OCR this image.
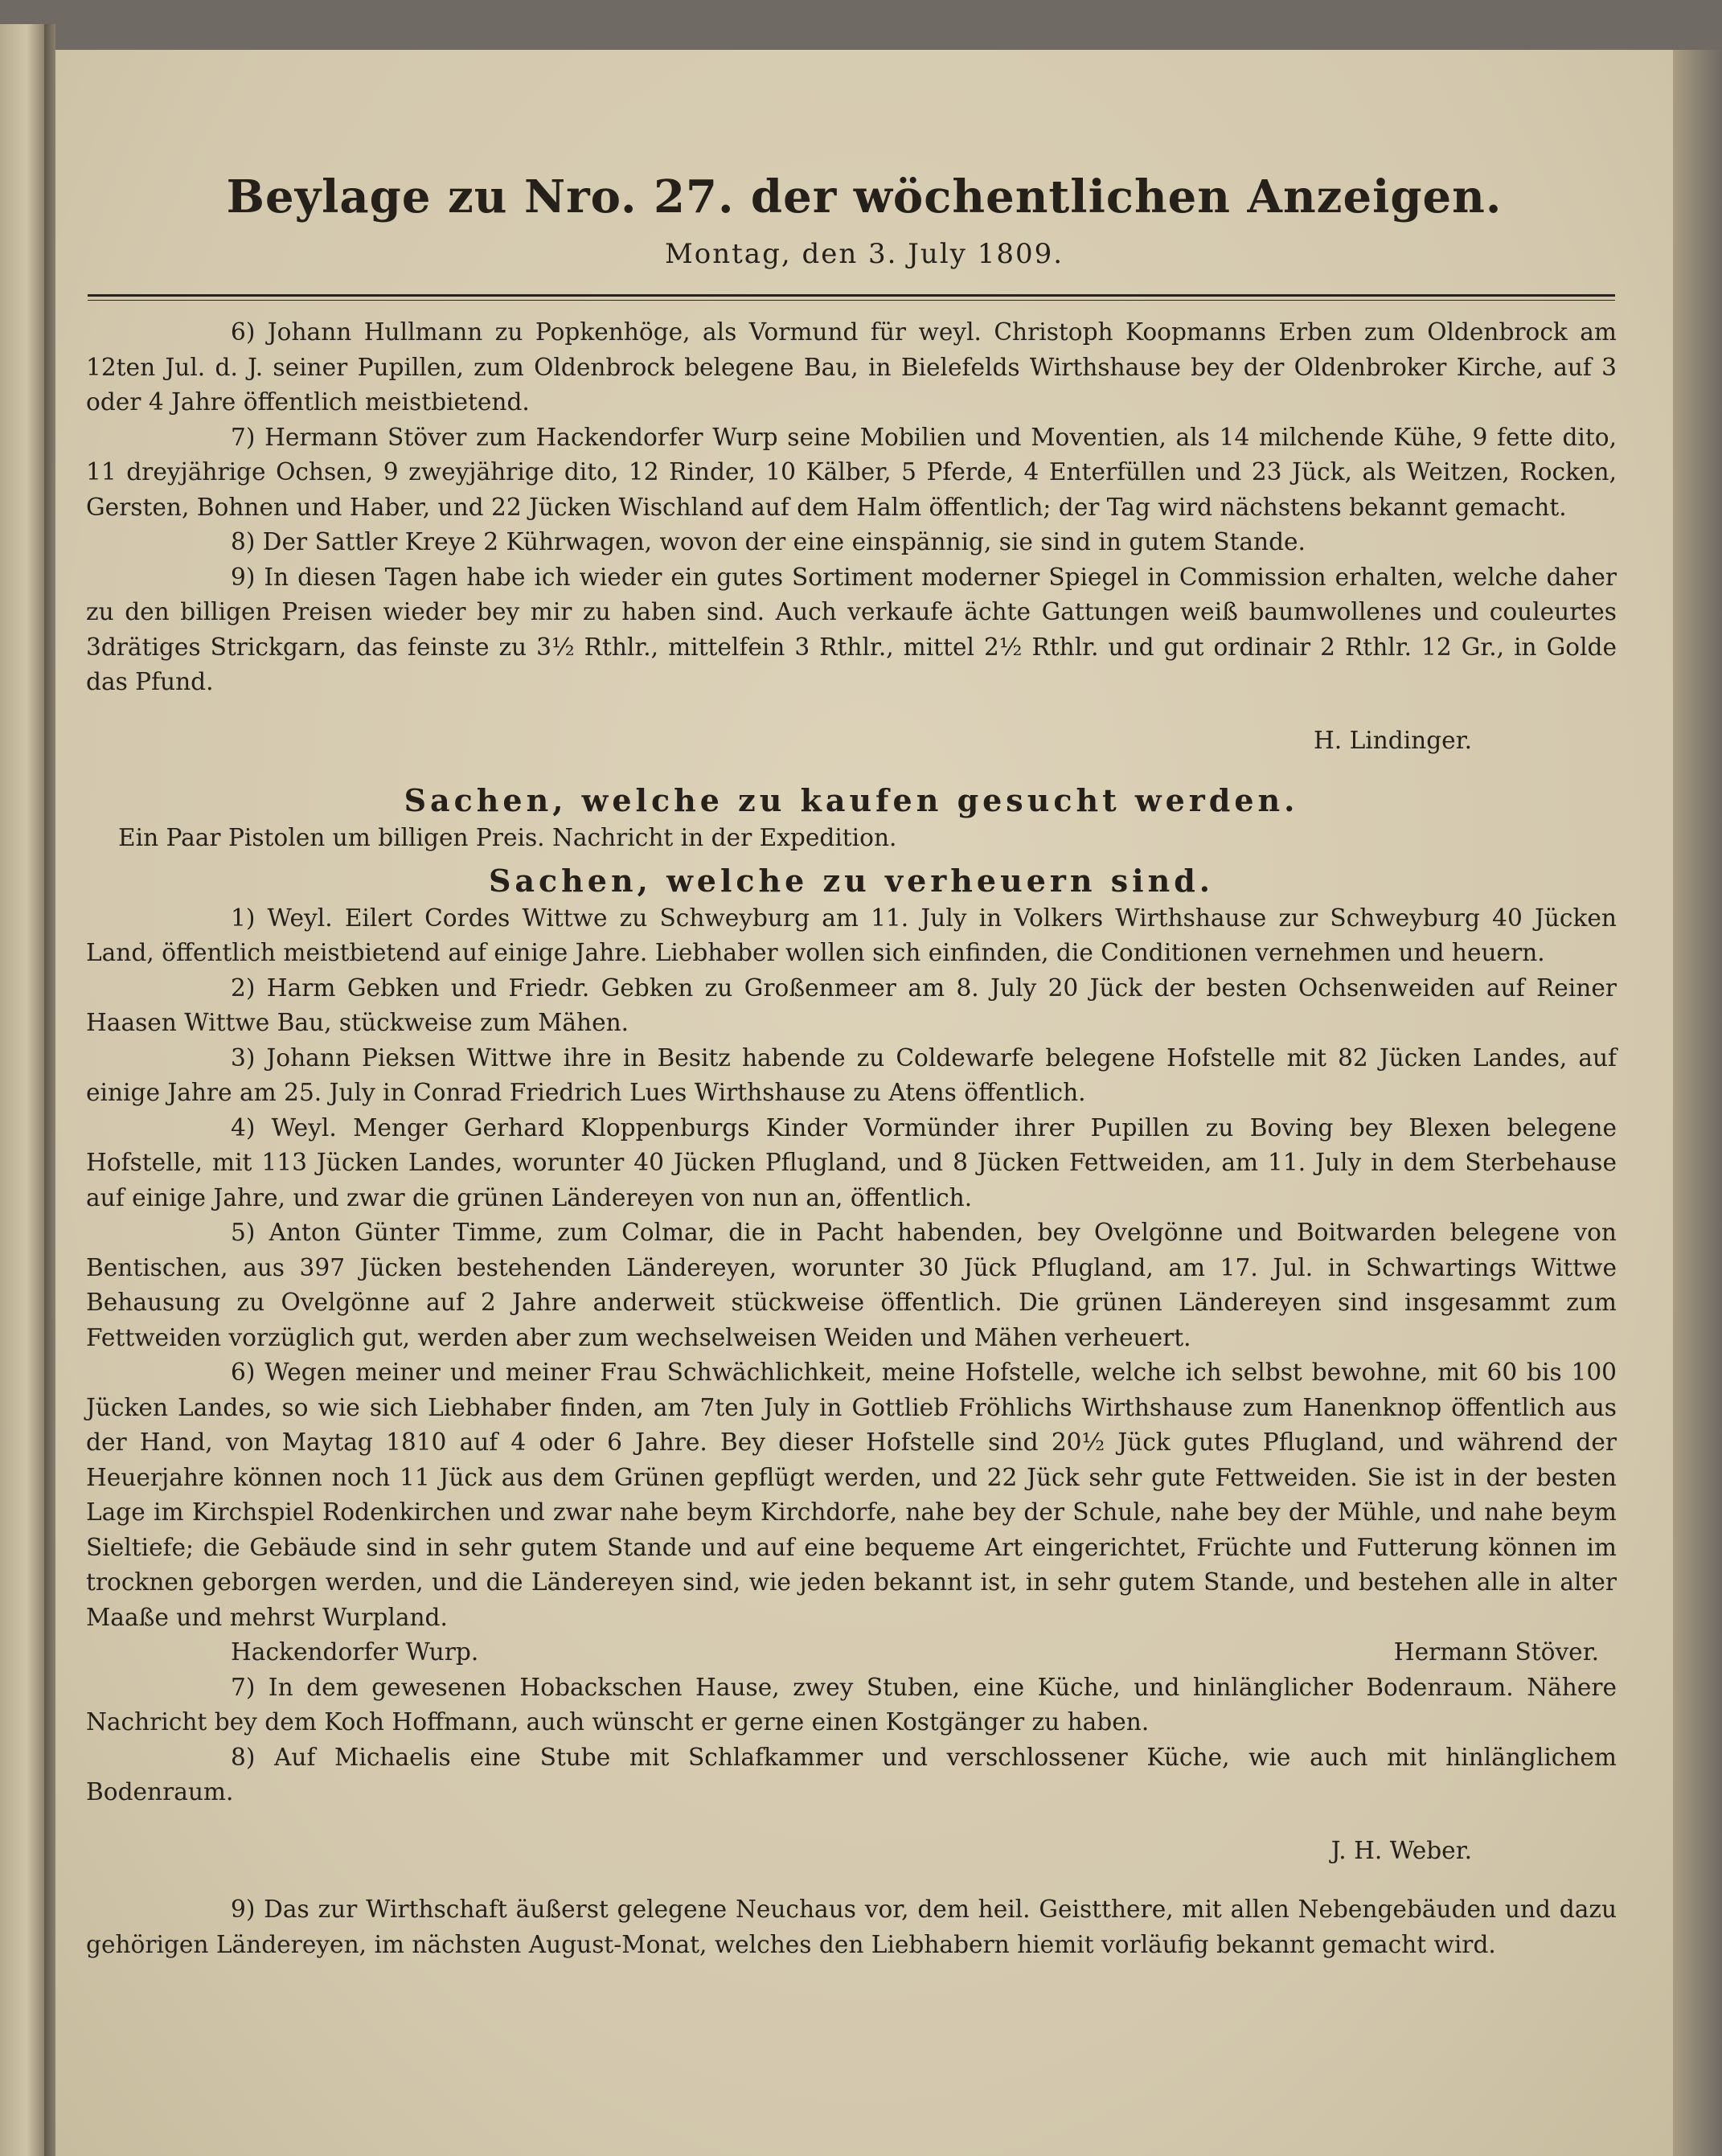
Beylage zu Nro. 27. der wöchentlichen Anzeigen.
Montag, den 3. July 1809.

6) Johann Hullmann zu Popkenhöge, als Vormund für weyl. Christoph Koopmanns Erben zum Oldenbrock am 12ten Jul. d. J. seiner Pupillen, zum Oldenbrock belegene Bau, in Bielefelds Wirthshause bey der Oldenbroker Kirche, auf 3 oder 4 Jahre öffentlich meistbietend.

7) Hermann Stöver zum Hackendorfer Wurp seine Mobilien und Moventien, als 14 milchende Kühe, 9 fette dito, 11 dreyjährige Ochsen, 9 zweyjährige dito, 12 Rinder, 10 Kälber, 5 Pferde, 4 Enterfüllen und 23 Jück, als Weitzen, Rocken, Gersten, Bohnen und Haber, und 22 Jücken Wischland auf dem Halm öffentlich; der Tag wird nächstens bekannt gemacht.

8) Der Sattler Kreye 2 Kührwagen, wovon der eine einspännig, sie sind in gutem Stande.

9) In diesen Tagen habe ich wieder ein gutes Sortiment moderner Spiegel in Commission erhalten, welche daher zu den billigen Preisen wieder bey mir zu haben sind. Auch verkaufe ächte Gattungen weiß baumwollenes und couleurtes 3drätiges Strickgarn, das feinste zu 3½ Rthlr., mittelfein 3 Rthlr., mittel 2½ Rthlr. und gut ordinair 2 Rthlr. 12 Gr., in Golde das Pfund.

H. Lindinger.

Sachen, welche zu kaufen gesucht werden.

Ein Paar Pistolen um billigen Preis. Nachricht in der Expedition.

Sachen, welche zu verheuern sind.

1) Weyl. Eilert Cordes Wittwe zu Schweyburg am 11. July in Volkers Wirthshause zur Schweyburg 40 Jücken Land, öffentlich meistbietend auf einige Jahre. Liebhaber wollen sich einfinden, die Conditionen vernehmen und heuern.

2) Harm Gebken und Friedr. Gebken zu Großenmeer am 8. July 20 Jück der besten Ochsenweiden auf Reiner Haasen Wittwe Bau, stückweise zum Mähen.

3) Johann Pieksen Wittwe ihre in Besitz habende zu Coldewarfe belegene Hofstelle mit 82 Jücken Landes, auf einige Jahre am 25. July in Conrad Friedrich Lues Wirthshause zu Atens öffentlich.

4) Weyl. Menger Gerhard Kloppenburgs Kinder Vormünder ihrer Pupillen zu Boving bey Blexen belegene Hofstelle, mit 113 Jücken Landes, worunter 40 Jücken Pflugland, und 8 Jücken Fettweiden, am 11. July in dem Sterbehause auf einige Jahre, und zwar die grünen Ländereyen von nun an, öffentlich.

5) Anton Günter Timme, zum Colmar, die in Pacht habenden, bey Ovelgönne und Boitwarden belegene von Bentischen, aus 397 Jücken bestehenden Ländereyen, worunter 30 Jück Pflugland, am 17. Jul. in Schwartings Wittwe Behausung zu Ovelgönne auf 2 Jahre anderweit stückweise öffentlich. Die grünen Ländereyen sind insgesammt zum Fettweiden vorzüglich gut, werden aber zum wechselweisen Weiden und Mähen verheuert.

6) Wegen meiner und meiner Frau Schwächlichkeit, meine Hofstelle, welche ich selbst bewohne, mit 60 bis 100 Jücken Landes, so wie sich Liebhaber finden, am 7ten July in Gottlieb Fröhlichs Wirthshause zum Hanenknop öffentlich aus der Hand, von Maytag 1810 auf 4 oder 6 Jahre. Bey dieser Hofstelle sind 20½ Jück gutes Pflugland, und während der Heuerjahre können noch 11 Jück aus dem Grünen gepflügt werden, und 22 Jück sehr gute Fettweiden. Sie ist in der besten Lage im Kirchspiel Rodenkirchen und zwar nahe beym Kirchdorfe, nahe bey der Schule, nahe bey der Mühle, und nahe beym Sieltiefe; die Gebäude sind in sehr gutem Stande und auf eine bequeme Art eingerichtet, Früchte und Futterung können im trocknen geborgen werden, und die Ländereyen sind, wie jeden bekannt ist, in sehr gutem Stande, und bestehen alle in alter Maaße und mehrst Wurpland.

Hackendorfer Wurp.	Hermann Stöver.

7) In dem gewesenen Hobackschen Hause, zwey Stuben, eine Küche, und hinlänglicher Bodenraum. Nähere Nachricht bey dem Koch Hoffmann, auch wünscht er gerne einen Kostgänger zu haben.

8) Auf Michaelis eine Stube mit Schlafkammer und verschlossener Küche, wie auch mit hinlänglichem Bodenraum.

J. H. Weber.

9) Das zur Wirthschaft äußerst gelegene Neuchaus vor, dem heil. Geistthere, mit allen Nebengebäuden und dazu gehörigen Ländereyen, im nächsten August-Monat, welches den Liebhabern hiemit vorläufig bekannt gemacht wird.
